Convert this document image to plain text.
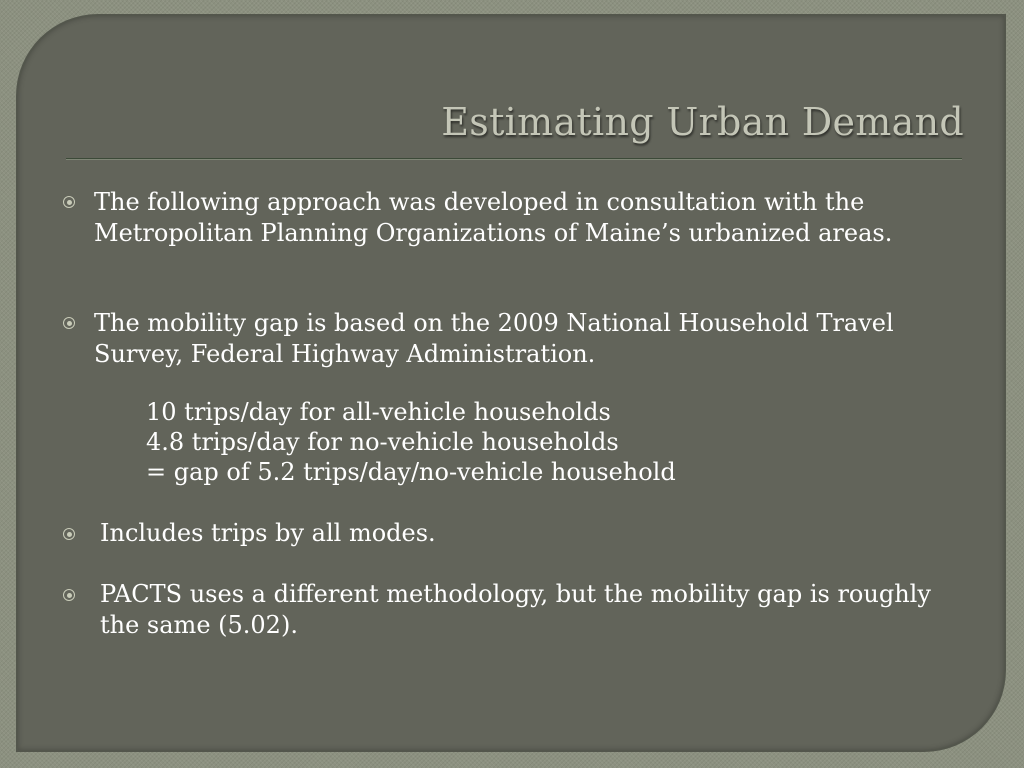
Estimating Urban Demand

The following approach was developed in consultation with the Metropolitan Planning Organizations of Maine’s urbanized areas.

The mobility gap is based on the 2009 National Household Travel Survey, Federal Highway Administration.

10 trips/day for all-vehicle households
4.8 trips/day for no-vehicle households
= gap of 5.2 trips/day/no-vehicle household

Includes trips by all modes.

PACTS uses a different methodology, but the mobility gap is roughly the same (5.02).
